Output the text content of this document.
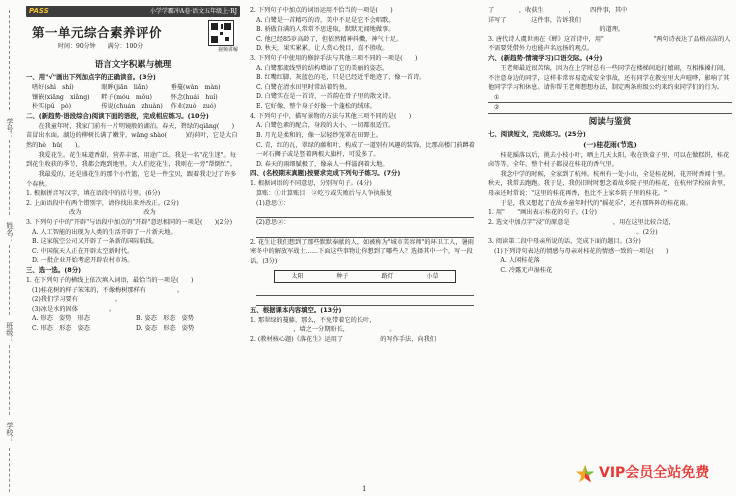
学号：
姓名：
班级：
学校：
PASS	小学学霸冲A卷·语文五年级上·RJ
第一单元综合素养评价
时间：90分钟　　满分：100分	视频讲解
语言文字积累与梳理

一、用"√"画出下列加点字的正确读音。(3分)

嗜好(shì　shí)	眼眸(jiān　liǎn)	垂蔓(wàn　màn)
镶嵌(xiāng　xiǎng)	畔子(móu　mǒu)	怀念(huái　huí)
朴实(pǔ　pò)	传说(chuán　zhuàn)	作业(zuò　zuó)

二、(新趋势·语段综合)阅读下面的语段，完成相应练习。(10分)

　　在我童年时，我家门前有一片明镜般的湖泊。春天，碧绿的qiāng(　　)苗冒出水面。湖边的柳树长满了嫩芽，wǎng shào(　　　)的荷叶，它是大自然的hè　hū(　　)。

　　我爱花生。花生味道香甜，营养丰富，用途广泛。我是一名"花生迷"。每到花生收获的季节，我都会跑到地里，大人们挖花生，我则在一旁"帮倒忙"。

　　我最爱的，还是盛花生的那个小竹篮，它是一件宝贝，跟着我走过了许多个春秋。

1. 根据拼音写汉字，填在语段中的括号里。(6分)

2. 上面语段中有两个错别字，请你找出来并改正。(2分)

　　　　　　改为　　　　　　　　　　改为

3. 下列句子中的"开辟"与语段中加点的"开辟"意思相同的一项是(　　)(2分)

A. 人工智能的出现为人类的生活开辟了一片新天地。

B. 这家航空公司又开辟了一条新的国际航线。

C. 中国航天人正在开辟太空新时代。

D. 一批企业开始考虑开辟农村市场。

三、选一选。(8分)

1. 在下列句子的横线上依次填入词语，最恰当的一项是(　　)

(1)桂花树的样子笨笨的，不像梅树那样有　　　　　。

(2)我们学习要有　　　　　　。

(3)冰是水的固体　　　　　。

A. 形态　姿势　形态	B. 姿态　形态　姿势
C. 形态　形态　姿态	D. 姿态　形态　姿势

2. 下列句子中加点的词语运用不恰当的一项是(　　)

A. 白鹭是一首精巧的诗，美中不足是它不会唱歌。

B. 骄傲自满的人常常不思进取，默默无闻地做事。

C. 他已经85岁高龄了，但依然精神抖擞，神气十足。

D. 秋天，果实累累，让人赏心悦目，喜不胜收。

3. 下列句子中使用的修辞手法与其他三项不同的一项是(　　)

A. 白鹭那流线型的结构增添了它的美丽的姿态。

B. 红嘴红脚，灰蓝色的毛，只是已经近乎绝迹了，像一首诗。

C. 白鹭在清水田里时常站着钓鱼。

D. 白鹭实在是一首诗，一首韵在骨子里的散文诗。

E. 它好像，整个身子好像一个蓬松的绒球。

4. 下列句子中，描写景物的方法与其他三项不同的是(　　)

A. 白鹭色素的配合，身段的大小，一切都很适宜。

B. 月光是柔和的，像一层轻纱笼罩在田野上。

C. 青，红的瓦，翠绿的藤和叶，构成了一道别有风趣的装饰，比那高楼门前蹲着一对石狮子或是竖着两根大旗杆，可爱多了。

D. 春天的雨细腻极了，像亲人一样滋润着大地。

四、(名校期末真题)按要求完成下列句子练习。(7分)

1. 根据词语的不同意思，分别写句子。(4分)

算账：①计算账目　②吃亏或失败后与人争执报复

(1)意思①：

(2)意思②：

2. 花生让我们想到了那些默默奉献的人，如被称为"城市美容师"的环卫工人，暑雨寒冬中的解放军战士……下面这些事物让你想到了哪些人？选择其中一个，写一段话。(3分)

太阳	种子	路灯	小草

五、根据课本内容填空。(13分)

1. 那翠绿的蔓藤，那么，不免带着它的长叶，

　　　　　　　，墙之一分期盼长，　　　　　　　。

2. (教材核心题)《落花生》运用了　　　　　　的写作手法，向我们

了　　　　，收获生　　　　，　　　四件事，其中

详写了　　　　这件事，告诉我们　　　　　　　　

　　　　　　　　　　　　　　　　　　的道理。

3. 唐代诗人虞世南在《蝉》这首诗中，用"　　　　　　　　"两句诗表达了品格高洁的人不需要凭借外力也能声名远扬的观点。

六、(新趋势·情境学习)口语交际。(4分)

　　王老师最近很苦恼，因为在上学时总有一些同学在楼梯间追打嬉闹，互相推搡打闹，不注意身边的同学，这样非常容易造成安全事故，还有同学在教室里大声喧哗，影响了其他同学学习和休息。请你帮王老师想想办法，制定两条班级公约来约束同学们的行为。

①

②

阅读与鉴赏

七、阅读短文，完成练习。(25分)

(一)桂花雨(节选)

　　桂花摇落以后，挑去小枝小叶，晒上几天太阳，收在铁盒子里，可以在做糕饼，桂花卤等等。全年，整个村子都浸在桂花的香气里。

　　我念中学的时候，全家到了杭州。杭州有一处小山，全是桂花树，花开时香闻十里。秋天，我常去跑跑。我于是，我仍旧时时想念着故乡院子里的桂花，在杭州学校宿舍里，母亲还时常说："这里的桂花再香，也比不上家乡院子里的桂花。"

　　于是，我又想起了在故乡童年时代的"摇花乐"，还有那阵阵的桂花雨。

1. 用"　　"画出表示桂花的句子。(1分)

2. 选文中加点字"浸"的原意是　　　　　　　，用在这里比较合适，

　　　　　　　　　　　　　　　　　　　　　　　　。(2分)

3. 阅读第二段中母亲所说的话，完成下面的题目。(3分)

(1)下列诗句表达的情感与母亲对桂花的情感一致的一项是(　　)

　　A. 人闲桂花落

　　C. 冷露无声湿桂花

1
VIP会员全站免费
